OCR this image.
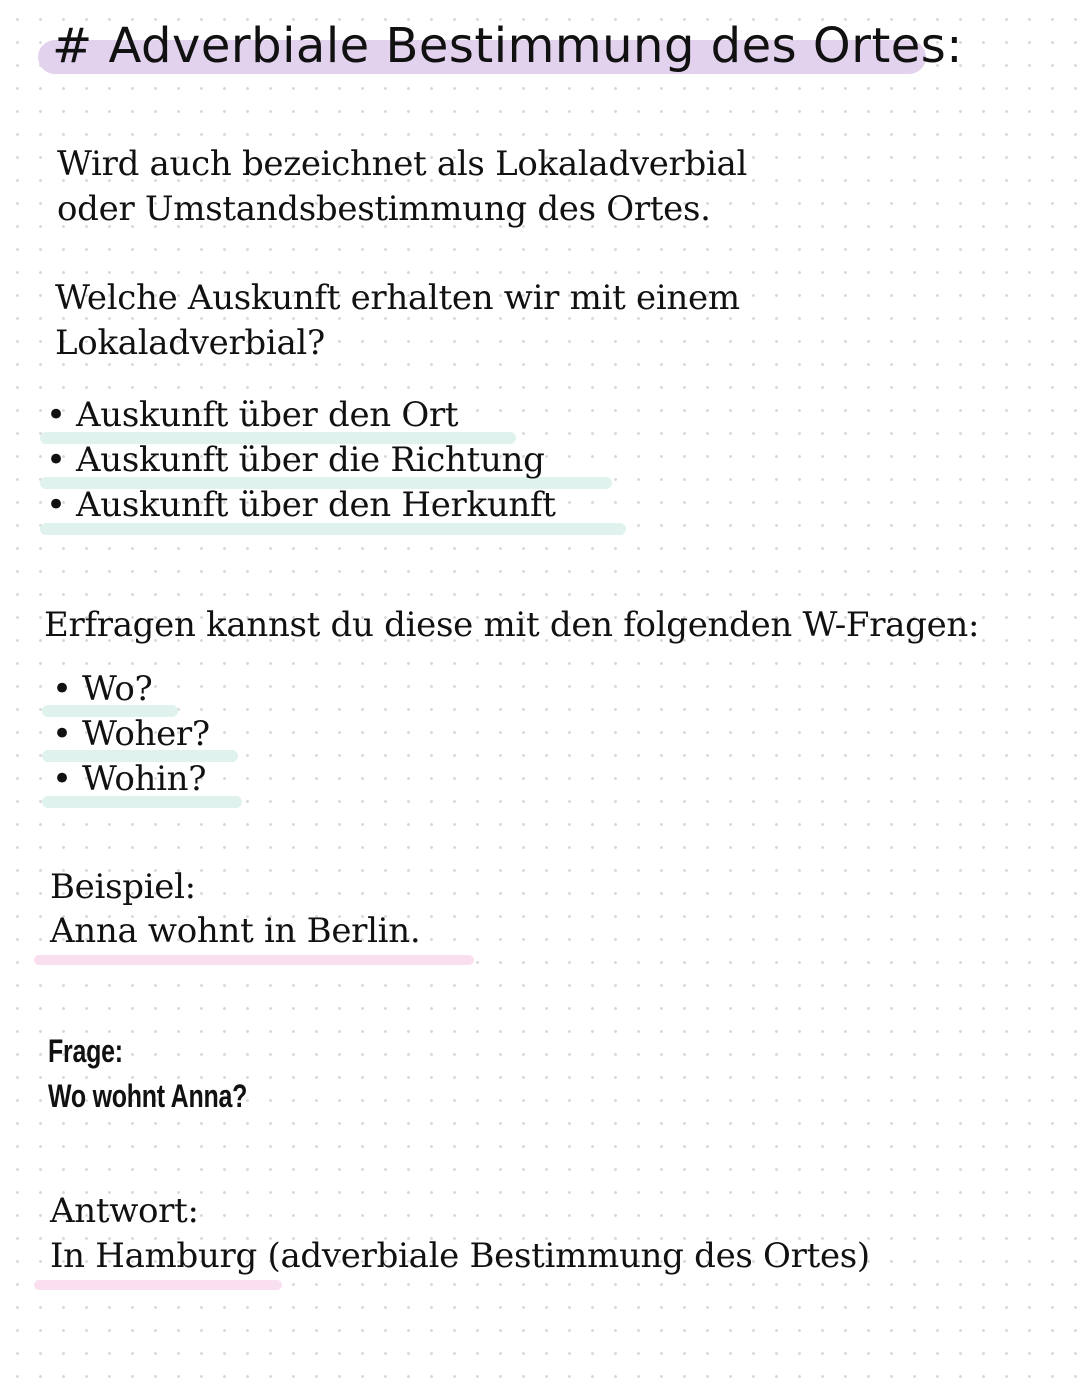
# Adverbiale Bestimmung des Ortes:
Wird auch bezeichnet als Lokaladverbial
oder Umstandsbestimmung des Ortes.
Welche Auskunft erhalten wir mit einem
Lokaladverbial?
• Auskunft über den Ort
• Auskunft über die Richtung
• Auskunft über den Herkunft
Erfragen kannst du diese mit den folgenden W-Fragen:
• Wo?
• Woher?
• Wohin?
Beispiel:
Anna wohnt in Berlin.
Frage:
Wo wohnt Anna?
Antwort:
In Hamburg (adverbiale Bestimmung des Ortes)
